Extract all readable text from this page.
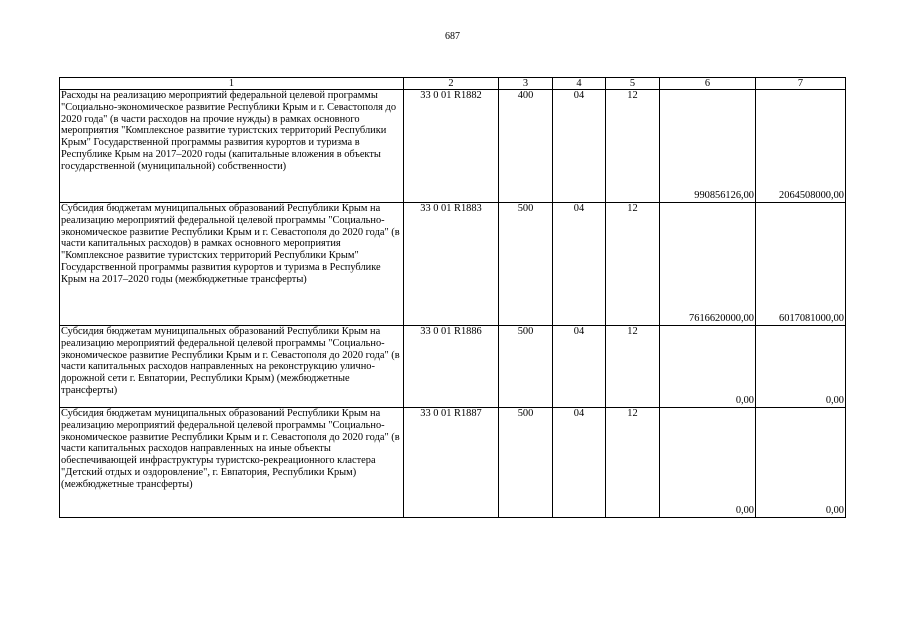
687
1	2	3	4	5	6	7
Расходы на реализацию мероприятий федеральной целевой программы "Социально-экономическое развитие Республики Крым и г. Севастополя до 2020 года" (в части расходов на прочие нужды) в рамках основного мероприятия "Комплексное развитие туристских территорий Республики Крым" Государственной программы развития курортов и туризма в Республике Крым на 2017–2020 годы (капитальные вложения в объекты государственной (муниципальной) собственности)	33 0 01 R1882	400	04	12	990856126,00	2064508000,00
Субсидия бюджетам муниципальных образований Республики Крым на реализацию мероприятий федеральной целевой программы "Социально-экономическое развитие Республики Крым и г. Севастополя до 2020 года" (в части капитальных расходов) в рамках основного мероприятия "Комплексное развитие туристских территорий Республики Крым" Государственной программы развития курортов и туризма в Республике Крым на 2017–2020 годы (межбюджетные трансферты)	33 0 01 R1883	500	04	12	7616620000,00	6017081000,00
Субсидия бюджетам муниципальных образований Республики Крым на реализацию мероприятий федеральной целевой программы "Социально-экономическое развитие Республики Крым и г. Севастополя до 2020 года" (в части капитальных расходов направленных на реконструкцию улично-дорожной сети г. Евпатории, Республики Крым) (межбюджетные трансферты)	33 0 01 R1886	500	04	12	0,00	0,00
Субсидия бюджетам муниципальных образований Республики Крым на реализацию мероприятий федеральной целевой программы "Социально-экономическое развитие Республики Крым и г. Севастополя до 2020 года" (в части капитальных расходов направленных на иные объекты обеспечивающей инфраструктуры туристско-рекреационного кластера "Детский отдых и оздоровление", г. Евпатория, Республики Крым) (межбюджетные трансферты)	33 0 01 R1887	500	04	12	0,00	0,00
